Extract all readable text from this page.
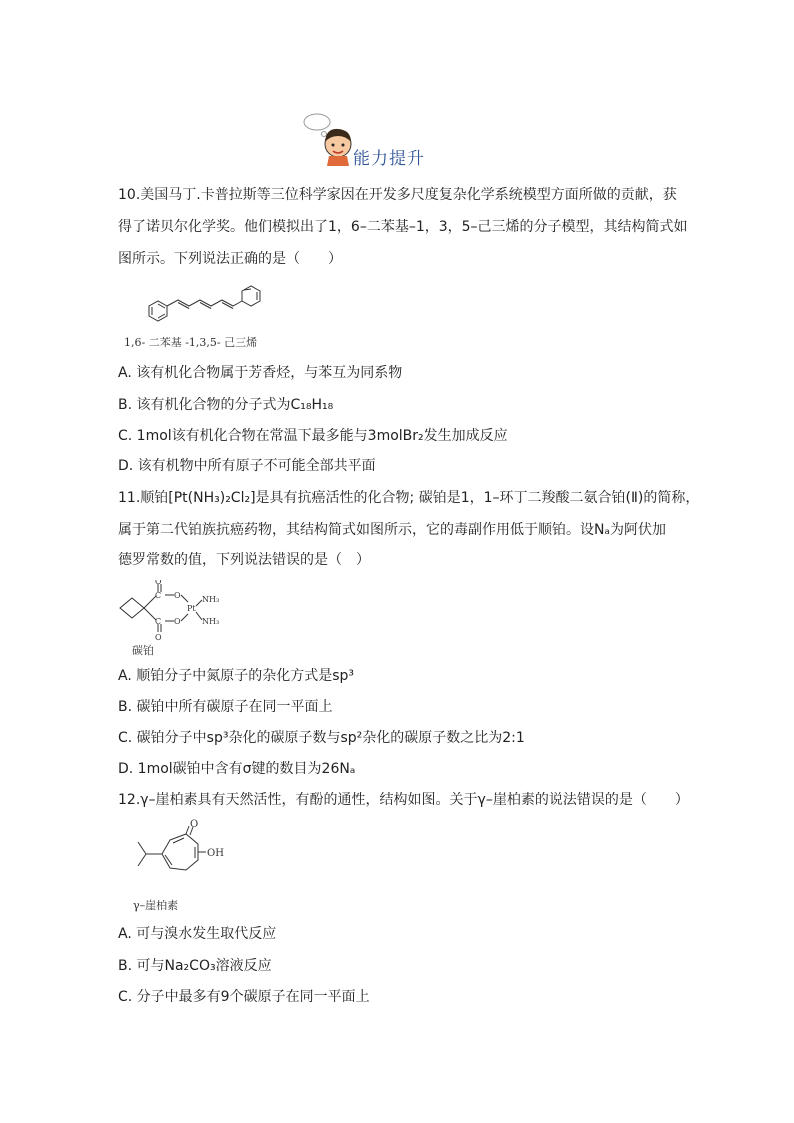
能力提升
10.美国马丁.卡普拉斯等三位科学家因在开发多尺度复杂化学系统模型方面所做的贡献，获
得了诺贝尔化学奖。他们模拟出了1，6–二苯基–1，3，5–己三烯的分子模型，其结构简式如
图所示。下列说法正确的是（　　）
1,6- 二苯基 -1,3,5- 己三烯
A. 该有机化合物属于芳香烃，与苯互为同系物
B. 该有机化合物的分子式为C₁₈H₁₈
C. 1mol该有机化合物在常温下最多能与3molBr₂发生加成反应
D. 该有机物中所有原子不可能全部共平面
11.顺铂[Pt(NH₃)₂Cl₂]是具有抗癌活性的化合物; 碳铂是1，1–环丁二羧酸二氨合铂(Ⅱ)的简称，
属于第二代铂族抗癌药物，其结构简式如图所示，它的毒副作用低于顺铂。设Nₐ为阿伏加
德罗常数的值，下列说法错误的是（　）
O
C O
C O
O
Pt
NH₃
NH₃
碳铂
A. 顺铂分子中氮原子的杂化方式是sp³
B. 碳铂中所有碳原子在同一平面上
C. 碳铂分子中sp³杂化的碳原子数与sp²杂化的碳原子数之比为2:1
D. 1mol碳铂中含有σ键的数目为26Nₐ
12.γ–崖柏素具有天然活性，有酚的通性，结构如图。关于γ–崖柏素的说法错误的是（　　）
O
OH
γ–崖柏素
A. 可与溴水发生取代反应
B. 可与Na₂CO₃溶液反应
C. 分子中最多有9个碳原子在同一平面上
